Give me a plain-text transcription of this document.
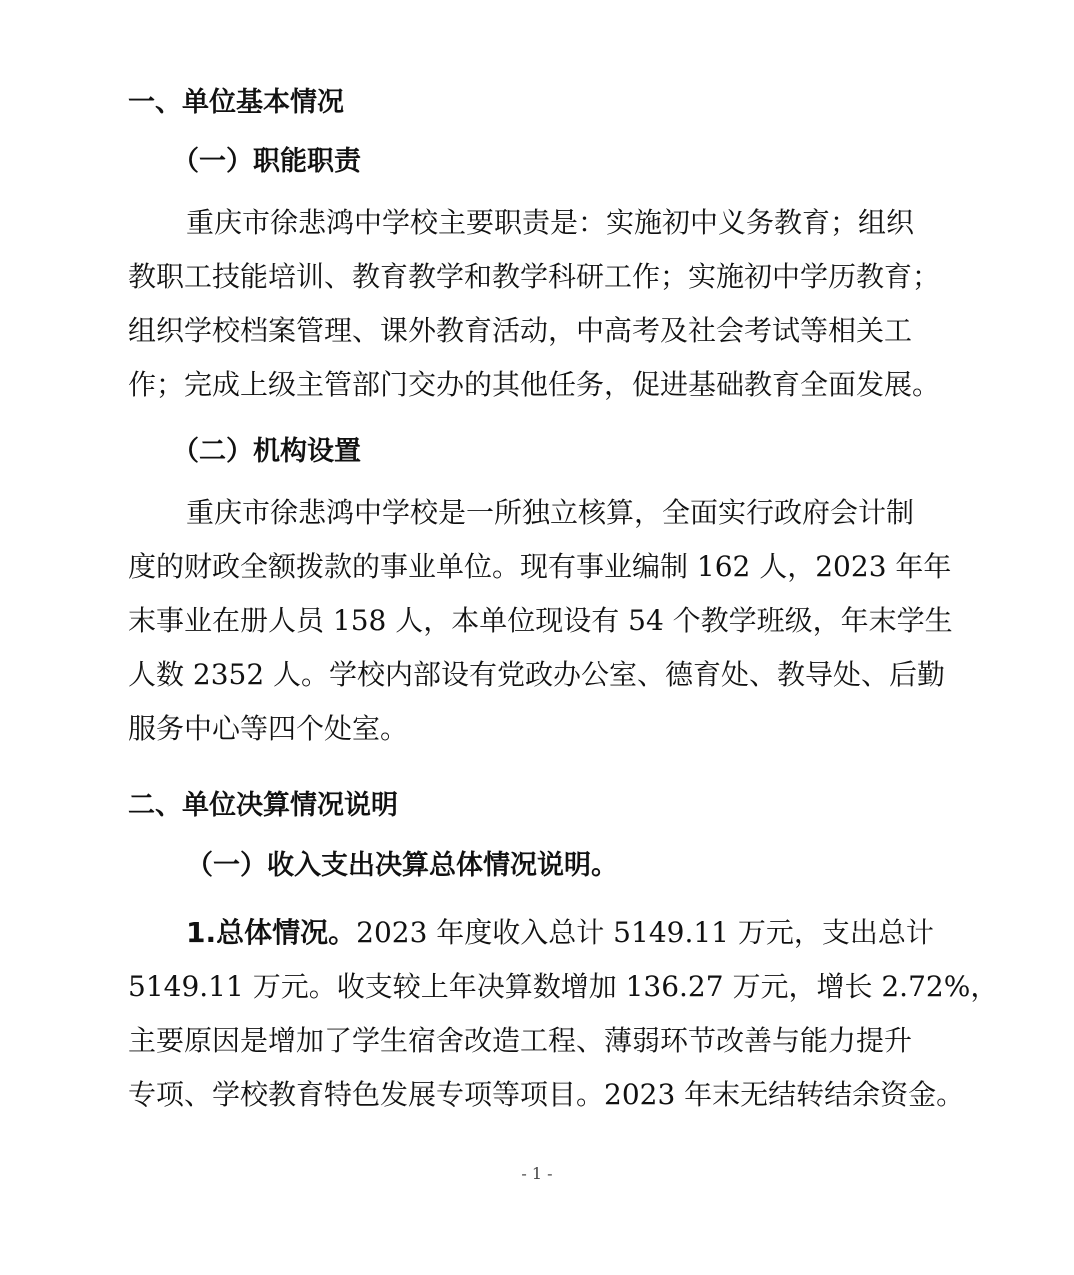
一、单位基本情况
（一）职能职责
重庆市徐悲鸿中学校主要职责是：实施初中义务教育；组织
教职工技能培训、教育教学和教学科研工作；实施初中学历教育；
组织学校档案管理、课外教育活动，中高考及社会考试等相关工
作；完成上级主管部门交办的其他任务，促进基础教育全面发展。
（二）机构设置
重庆市徐悲鸿中学校是一所独立核算，全面实行政府会计制
度的财政全额拨款的事业单位。现有事业编制 162 人，2023 年年
末事业在册人员 158 人，本单位现设有 54 个教学班级，年末学生
人数 2352 人。学校内部设有党政办公室、德育处、教导处、后勤
服务中心等四个处室。
二、单位决算情况说明
（一）收入支出决算总体情况说明。
1.总体情况。2023 年度收入总计 5149.11 万元，支出总计
5149.11 万元。收支较上年决算数增加 136.27 万元，增长 2.72%，
主要原因是增加了学生宿舍改造工程、薄弱环节改善与能力提升
专项、学校教育特色发展专项等项目。2023 年末无结转结余资金。
- 1 -
